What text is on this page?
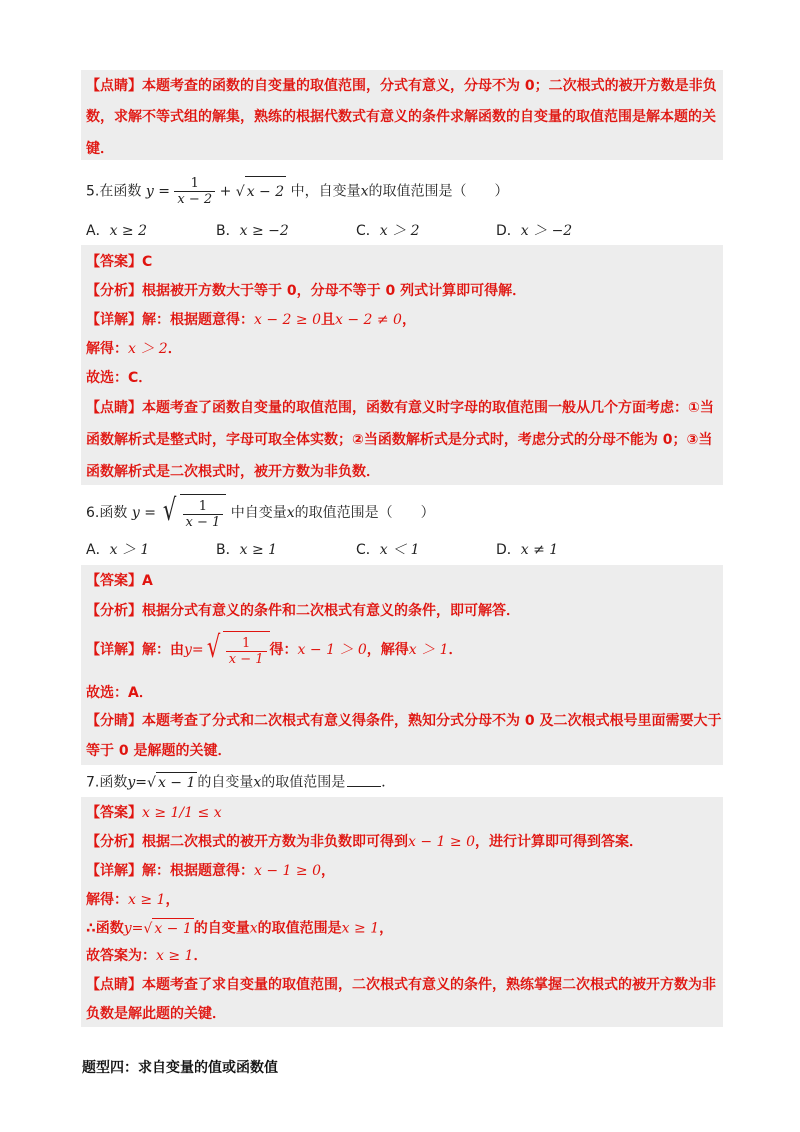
【点睛】本题考查的函数的自变量的取值范围，分式有意义，分母不为 0；二次根式的被开方数是非负
数，求解不等式组的解集，熟练的根据代数式有意义的条件求解函数的自变量的取值范围是解本题的关
键．
5.在函数 $y = \frac{1}{x - 2}$ + √ x − 2 中，自变量x的取值范围是（　　）
A．x ≥ 2	B．x ≥ −2	C．x ＞ 2	D．x ＞ −2
【答案】C
【分析】根据被开方数大于等于 0，分母不等于 0 列式计算即可得解．
【详解】解：根据题意得：x − 2 ≥ 0且x − 2 ≠ 0，
解得：x ＞ 2．
故选：C．
【点睛】本题考查了函数自变量的取值范围，函数有意义时字母的取值范围一般从几个方面考虑：①当
函数解析式是整式时，字母可取全体实数；②当函数解析式是分式时，考虑分式的分母不能为 0；③当
函数解析式是二次根式时，被开方数为非负数．
6.函数 y = √ $\frac{1}{x - 1}$ 中自变量x的取值范围是（　　）
A．x ＞ 1	B．x ≥ 1	C．x ＜ 1	D．x ≠ 1
【答案】A
【分析】根据分式有意义的条件和二次根式有意义的条件，即可解答．
【详解】解：由y= √ $\frac{1}{x - 1}$ 得：x − 1 ＞ 0，解得x ＞ 1．
故选：A．
【分睛】本题考查了分式和二次根式有意义得条件，熟知分式分母不为 0 及二次根式根号里面需要大于
等于 0 是解题的关键．
7.函数y=√ x − 1 的自变量x的取值范围是	．
【答案】x ≥ 1/1 ≤ x
【分析】根据二次根式的被开方数为非负数即可得到x − 1 ≥ 0，进行计算即可得到答案．
【详解】解：根据题意得：x − 1 ≥ 0，
解得：x ≥ 1，
∴函数y=√ x − 1 的自变量x的取值范围是x ≥ 1，
故答案为：x ≥ 1．
【点睛】本题考查了求自变量的取值范围，二次根式有意义的条件，熟练掌握二次根式的被开方数为非
负数是解此题的关键．
题型四：求自变量的值或函数值
